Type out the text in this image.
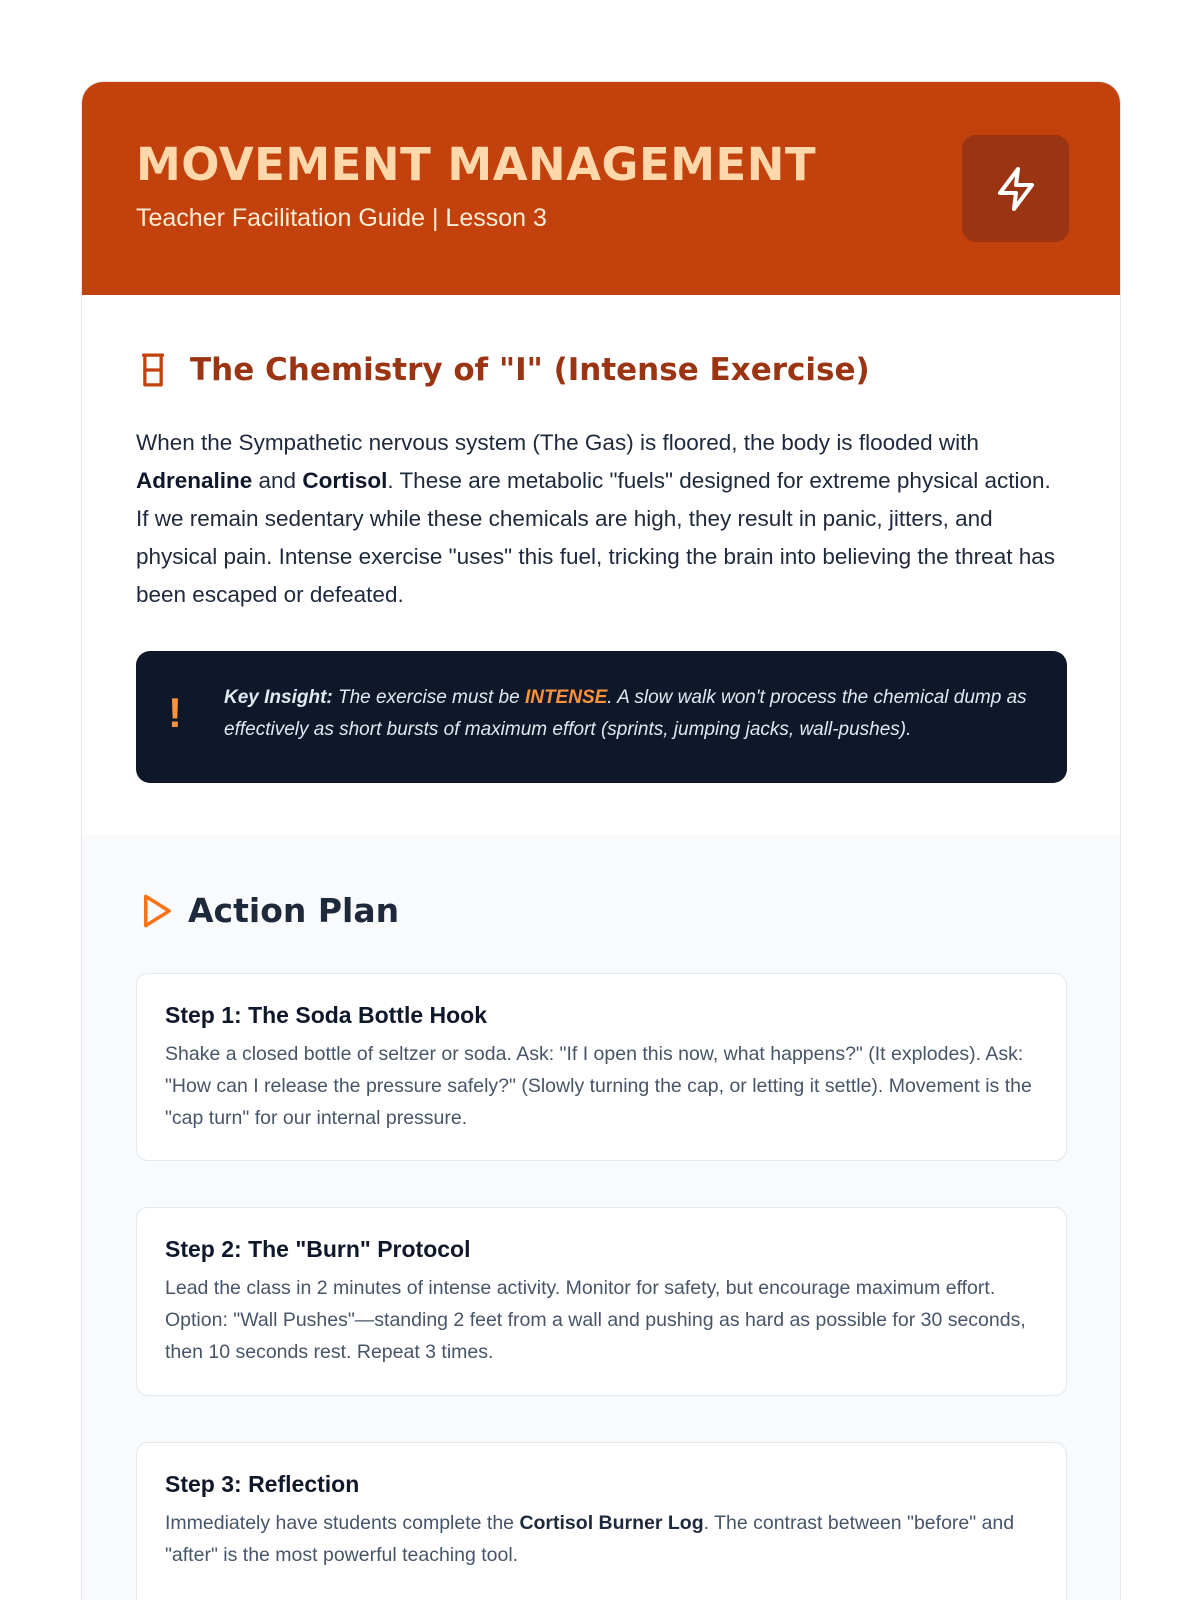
MOVEMENT MANAGEMENT
Teacher Facilitation Guide | Lesson 3
The Chemistry of "I" (Intense Exercise)

When the Sympathetic nervous system (The Gas) is floored, the body is flooded with Adrenaline and Cortisol. These are metabolic "fuels" designed for extreme physical action. If we remain sedentary while these chemicals are high, they result in panic, jitters, and physical pain. Intense exercise "uses" this fuel, tricking the brain into believing the threat has been escaped or defeated.

! Key Insight: The exercise must be INTENSE. A slow walk won't process the chemical dump as effectively as short bursts of maximum effort (sprints, jumping jacks, wall-pushes).
Action Plan
Step 1: The Soda Bottle Hook

Shake a closed bottle of seltzer or soda. Ask: "If I open this now, what happens?" (It explodes). Ask: "How can I release the pressure safely?" (Slowly turning the cap, or letting it settle). Movement is the "cap turn" for our internal pressure.

Step 2: The "Burn" Protocol

Lead the class in 2 minutes of intense activity. Monitor for safety, but encourage maximum effort. Option: "Wall Pushes"—standing 2 feet from a wall and pushing as hard as possible for 30 seconds, then 10 seconds rest. Repeat 3 times.

Step 3: Reflection

Immediately have students complete the Cortisol Burner Log. The contrast between "before" and "after" is the most powerful teaching tool.
